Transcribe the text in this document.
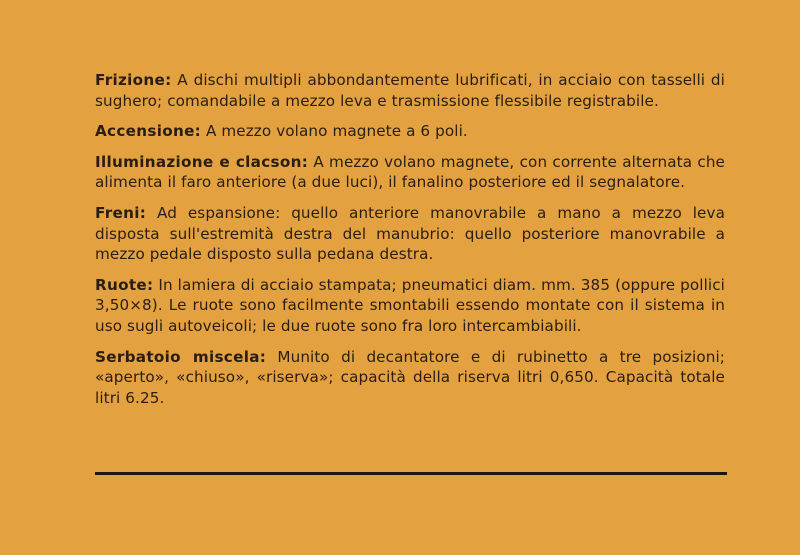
Frizione: A dischi multipli abbondantemente lubrificati, in acciaio con tasselli di sughero; comandabile a mezzo leva e trasmissione flessibile registrabile.

Accensione: A mezzo volano magnete a 6 poli.

Illuminazione e clacson: A mezzo volano magnete, con corrente alternata che alimenta il faro anteriore (a due luci), il fanalino posteriore ed il segnalatore.

Freni: Ad espansione: quello anteriore manovrabile a mano a mezzo leva disposta sull'estremità destra del manubrio: quello posteriore manovrabile a mezzo pedale disposto sulla pedana destra.

Ruote: In lamiera di acciaio stampata; pneumatici diam. mm. 385 (oppure pollici 3,50×8). Le ruote sono facilmente smontabili essendo montate con il sistema in uso sugli autoveicoli; le due ruote sono fra loro intercambiabili.

Serbatoio miscela: Munito di decantatore e di rubinetto a tre posizioni; «aperto», «chiuso», «riserva»; capacità della riserva litri 0,650. Capacità totale litri 6.25.
